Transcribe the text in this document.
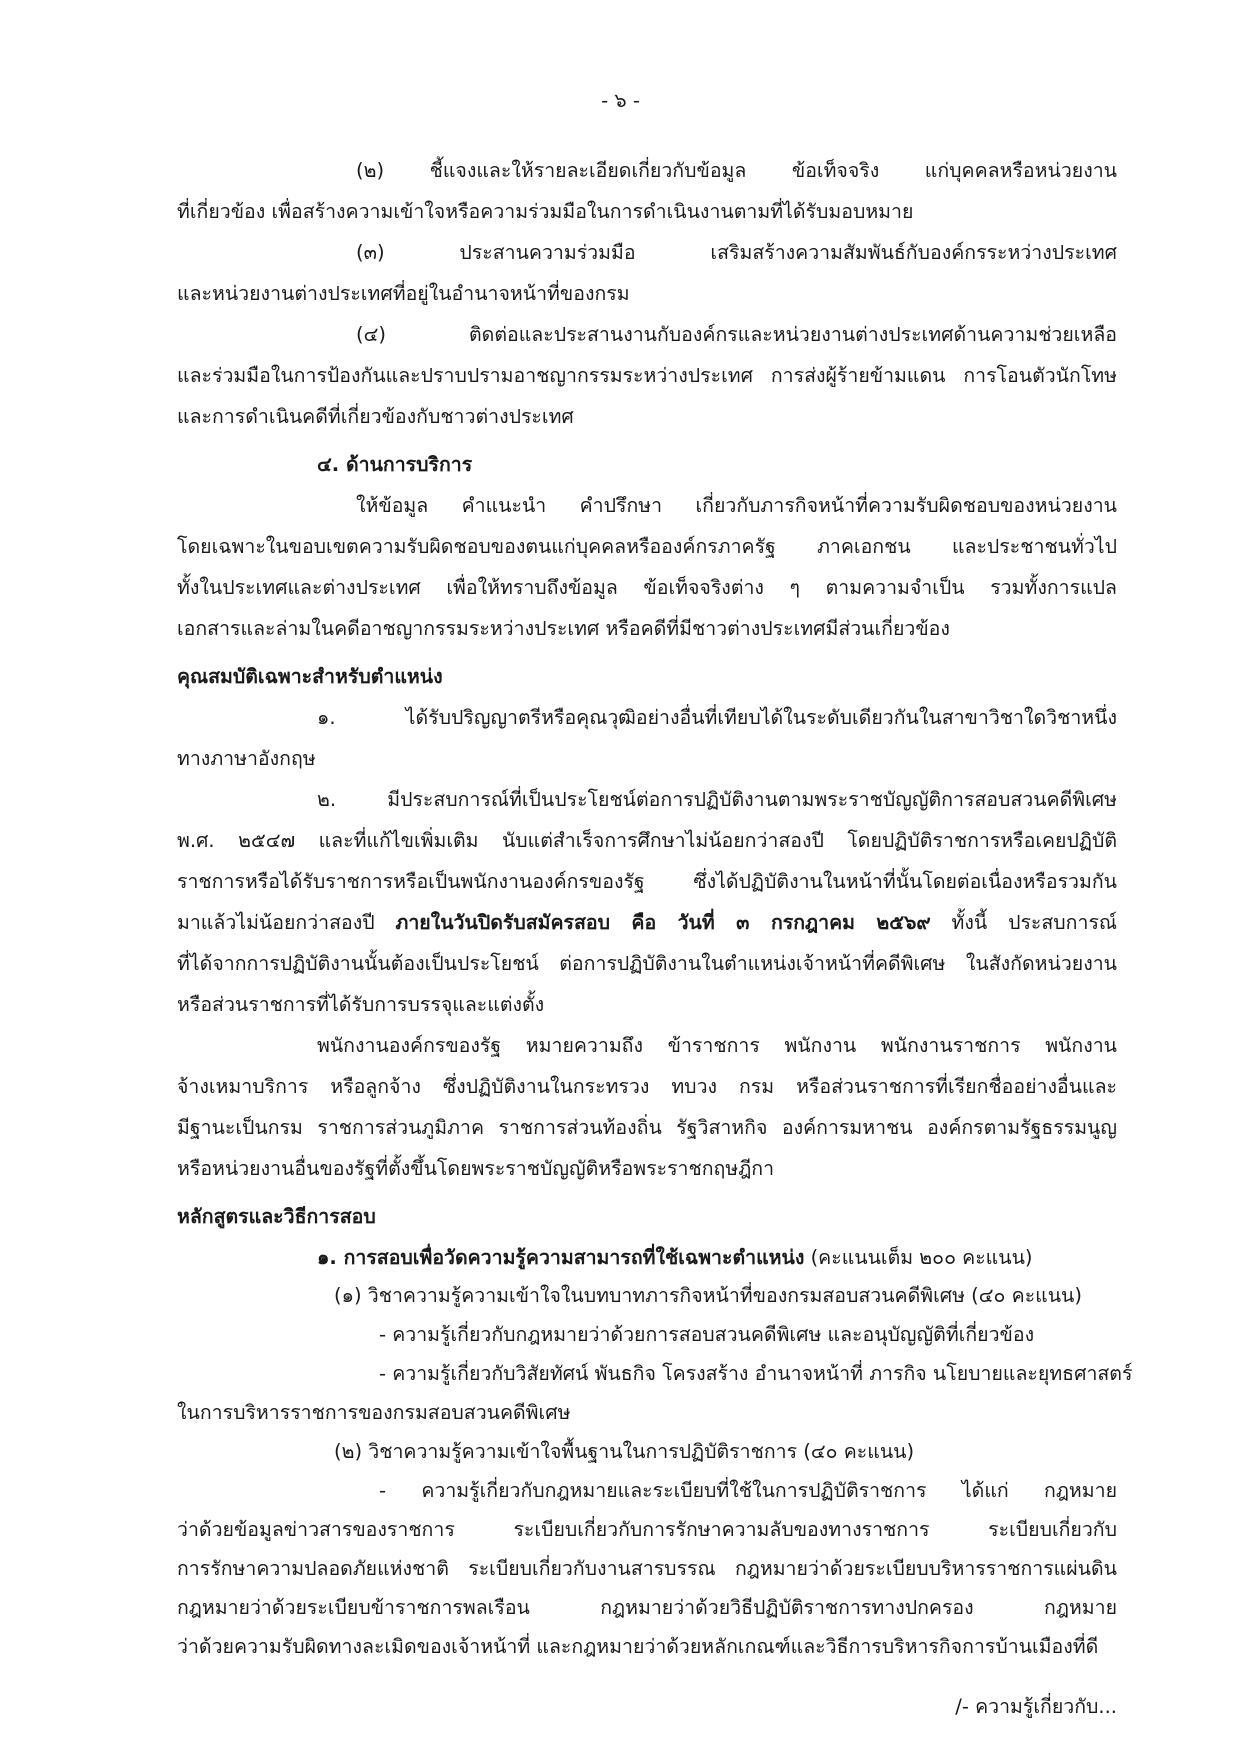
- ๖ -
(๒) ชี้แจงและให้รายละเอียดเกี่ยวกับข้อมูล ข้อเท็จจริง แก่บุคคลหรือหน่วยงาน
ที่เกี่ยวข้อง เพื่อสร้างความเข้าใจหรือความร่วมมือในการดำเนินงานตามที่ได้รับมอบหมาย
(๓) ประสานความร่วมมือ เสริมสร้างความสัมพันธ์กับองค์กรระหว่างประเทศ
และหน่วยงานต่างประเทศที่อยู่ในอำนาจหน้าที่ของกรม
(๔) ติดต่อและประสานงานกับองค์กรและหน่วยงานต่างประเทศด้านความช่วยเหลือ
และร่วมมือในการป้องกันและปราบปรามอาชญากรรมระหว่างประเทศ การส่งผู้ร้ายข้ามแดน การโอนตัวนักโทษ
และการดำเนินคดีที่เกี่ยวข้องกับชาวต่างประเทศ
๔. ด้านการบริการ
ให้ข้อมูล คำแนะนำ คำปรึกษา เกี่ยวกับภารกิจหน้าที่ความรับผิดชอบของหน่วยงาน
โดยเฉพาะในขอบเขตความรับผิดชอบของตนแก่บุคคลหรือองค์กรภาครัฐ ภาคเอกชน และประชาชนทั่วไป
ทั้งในประเทศและต่างประเทศ เพื่อให้ทราบถึงข้อมูล ข้อเท็จจริงต่าง ๆ ตามความจำเป็น รวมทั้งการแปล
เอกสารและล่ามในคดีอาชญากรรมระหว่างประเทศ หรือคดีที่มีชาวต่างประเทศมีส่วนเกี่ยวข้อง
คุณสมบัติเฉพาะสำหรับตำแหน่ง
๑. ได้รับปริญญาตรีหรือคุณวุฒิอย่างอื่นที่เทียบได้ในระดับเดียวกันในสาขาวิชาใดวิชาหนึ่ง
ทางภาษาอังกฤษ
๒. มีประสบการณ์ที่เป็นประโยชน์ต่อการปฏิบัติงานตามพระราชบัญญัติการสอบสวนคดีพิเศษ
พ.ศ. ๒๕๔๗ และที่แก้ไขเพิ่มเติม นับแต่สำเร็จการศึกษาไม่น้อยกว่าสองปี โดยปฏิบัติราชการหรือเคยปฏิบัติ
ราชการหรือได้รับราชการหรือเป็นพนักงานองค์กรของรัฐ ซึ่งได้ปฏิบัติงานในหน้าที่นั้นโดยต่อเนื่องหรือรวมกัน
มาแล้วไม่น้อยกว่าสองปี ภายในวันปิดรับสมัครสอบ คือ วันที่ ๓ กรกฎาคม ๒๕๖๙ ทั้งนี้ ประสบการณ์
ที่ได้จากการปฏิบัติงานนั้นต้องเป็นประโยชน์ ต่อการปฏิบัติงานในตำแหน่งเจ้าหน้าที่คดีพิเศษ ในสังกัดหน่วยงาน
หรือส่วนราชการที่ได้รับการบรรจุและแต่งตั้ง
พนักงานองค์กรของรัฐ หมายความถึง ข้าราชการ พนักงาน พนักงานราชการ พนักงาน
จ้างเหมาบริการ หรือลูกจ้าง ซึ่งปฏิบัติงานในกระทรวง ทบวง กรม หรือส่วนราชการที่เรียกชื่ออย่างอื่นและ
มีฐานะเป็นกรม ราชการส่วนภูมิภาค ราชการส่วนท้องถิ่น รัฐวิสาหกิจ องค์การมหาชน องค์กรตามรัฐธรรมนูญ
หรือหน่วยงานอื่นของรัฐที่ตั้งขึ้นโดยพระราชบัญญัติหรือพระราชกฤษฎีกา
หลักสูตรและวิธีการสอบ
๑. การสอบเพื่อวัดความรู้ความสามารถที่ใช้เฉพาะตำแหน่ง (คะแนนเต็ม ๒๐๐ คะแนน)
(๑) วิชาความรู้ความเข้าใจในบทบาทภารกิจหน้าที่ของกรมสอบสวนคดีพิเศษ (๔๐ คะแนน)
- ความรู้เกี่ยวกับกฎหมายว่าด้วยการสอบสวนคดีพิเศษ และอนุบัญญัติที่เกี่ยวข้อง
- ความรู้เกี่ยวกับวิสัยทัศน์ พันธกิจ โครงสร้าง อำนาจหน้าที่ ภารกิจ นโยบายและยุทธศาสตร์
ในการบริหารราชการของกรมสอบสวนคดีพิเศษ
(๒) วิชาความรู้ความเข้าใจพื้นฐานในการปฏิบัติราชการ (๔๐ คะแนน)
- ความรู้เกี่ยวกับกฎหมายและระเบียบที่ใช้ในการปฏิบัติราชการ ได้แก่ กฎหมาย
ว่าด้วยข้อมูลข่าวสารของราชการ ระเบียบเกี่ยวกับการรักษาความลับของทางราชการ ระเบียบเกี่ยวกับ
การรักษาความปลอดภัยแห่งชาติ ระเบียบเกี่ยวกับงานสารบรรณ กฎหมายว่าด้วยระเบียบบริหารราชการแผ่นดิน
กฎหมายว่าด้วยระเบียบข้าราชการพลเรือน กฎหมายว่าด้วยวิธีปฏิบัติราชการทางปกครอง กฎหมาย
ว่าด้วยความรับผิดทางละเมิดของเจ้าหน้าที่ และกฎหมายว่าด้วยหลักเกณฑ์และวิธีการบริหารกิจการบ้านเมืองที่ดี
/- ความรู้เกี่ยวกับ...
